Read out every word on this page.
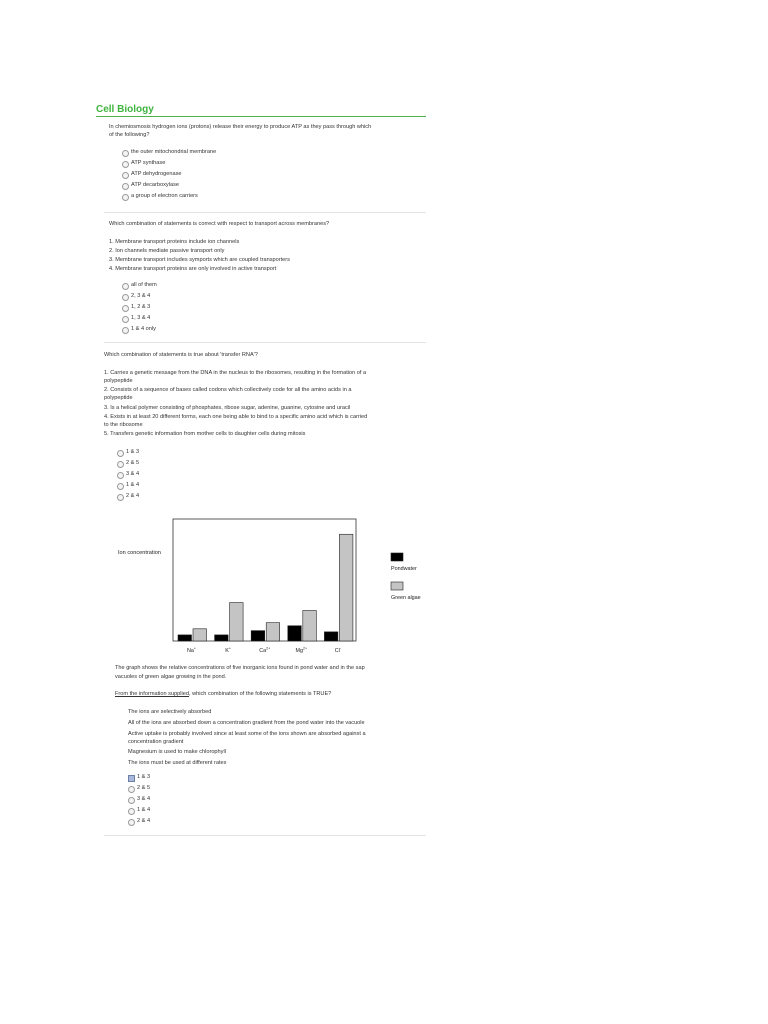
Cell Biology
In chemiosmosis hydrogen ions (protons) release their energy to produce ATP as they pass through which
of the following?
the outer mitochondrial membrane
ATP synthase
ATP dehydrogenase
ATP decarboxylase
a group of electron carriers
Which combination of statements is correct with respect to transport across membranes?
1. Membrane transport proteins include ion channels
2. Ion channels mediate passive transport only
3. Membrane transport includes symports which are coupled transporters
4. Membrane transport proteins are only involved in active transport
all of them
2, 3 & 4
1, 2 & 3
1, 3 & 4
1 & 4 only
Which combination of statements is true about 'transfer RNA'?
1. Carries a genetic message from the DNA in the nucleus to the ribosomes, resulting in the formation of a
polypeptide
2. Consists of a sequence of bases called codons which collectively code for all the amino acids in a
polypeptide
3. Is a helical polymer consisting of phosphates, ribose sugar, adenine, guanine, cytosine and uracil
4. Exists in at least 20 different forms, each one being able to bind to a specific amino acid which is carried
to the ribosome
5. Transfers genetic information from mother cells to daughter cells during mitosis
1 & 3
2 & 5
3 & 4
1 & 4
2 & 4
Ion concentration
Na+	K+	$Ca^{2+}$	$Mg^{2+}$	Cl-
Pondwater
Green algae
The graph shows the relative concentrations of five inorganic ions found in pond water and in the sap
vacuoles of green algae growing in the pond.
From the information supplied, which combination of the following statements is TRUE?
The ions are selectively absorbed
All of the ions are absorbed down a concentration gradient from the pond water into the vacuole
Active uptake is probably involved since at least some of the ions shown are absorbed against a
concentration gradient
Magnesium is used to make chlorophyll
The ions must be used at different rates
1 & 3
2 & 5
3 & 4
1 & 4
2 & 4
